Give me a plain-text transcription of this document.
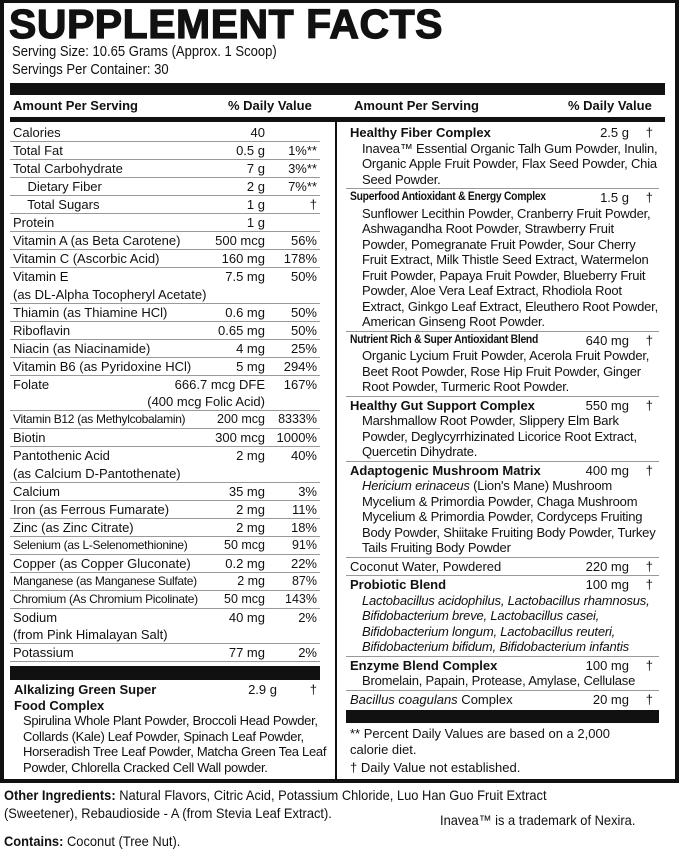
SUPPLEMENT FACTS
Serving Size: 10.65 Grams (Approx. 1 Scoop)
Servings Per Container: 30
Amount Per Serving	% Daily Value	Amount Per Serving	% Daily Value
Calories	40
Total Fat	0.5 g 1%**
Total Carbohydrate	7 g 3%**
Dietary Fiber	2 g 7%**
Total Sugars	1 g	†
Protein	1 g
Vitamin A (as Beta Carotene)	500 mcg 56%
Vitamin C (Ascorbic Acid)	160 mg 178%
Vitamin E
(as DL-Alpha Tocopheryl Acetate)
7.5 mg 50%
Thiamin (as Thiamine HCl)	0.6 mg 50%
Riboflavin	0.65 mg 50%
Niacin (as Niacinamide)	4 mg 25%
Vitamin B6 (as Pyridoxine HCl)	5 mg 294%
Folate	666.7 mcg DFE
(400 mcg Folic Acid)
167%
Vitamin B12 (as Methylcobalamin)	200 mcg 8333%
Biotin	300 mcg 1000%
Pantothenic Acid
(as Calcium D-Pantothenate)
2 mg 40%
Calcium	35 mg	3%
Iron (as Ferrous Fumarate)	2 mg 11%
Zinc (as Zinc Citrate)	2 mg 18%
Selenium (as L-Selenomethionine)	50 mcg 91%
Copper (as Copper Gluconate)	0.2 mg 22%
Manganese (as Manganese Sulfate)	2 mg 87%
Chromium (As Chromium Picolinate) 50 mcg 143%
Sodium
(from Pink Himalayan Salt)
40 mg	2%
Potassium	77 mg	2%
Alkalizing Green Super Food Complex
2.9 g	†
Spirulina Whole Plant Powder, Broccoli Head Powder, Collards (Kale) Leaf Powder, Spinach Leaf Powder, Horseradish Tree Leaf Powder, Matcha Green Tea Leaf Powder, Chlorella Cracked Cell Wall powder.
Healthy Fiber Complex	2.5 g †
Inavea™ Essential Organic Talh Gum Powder, Inulin, Organic Apple Fruit Powder, Flax Seed Powder, Chia Seed Powder.
Superfood Antioxidant & Energy Complex	1.5 g †
Sunflower Lecithin Powder, Cranberry Fruit Powder, Ashwagandha Root Powder, Strawberry Fruit Powder, Pomegranate Fruit Powder, Sour Cherry Fruit Extract, Milk Thistle Seed Extract, Watermelon Fruit Powder, Papaya Fruit Powder, Blueberry Fruit Powder, Aloe Vera Leaf Extract, Rhodiola Root Extract, Ginkgo Leaf Extract, Eleuthero Root Powder, American Ginseng Root Powder.
Nutrient Rich & Super Antioxidant Blend	640 mg †
Organic Lycium Fruit Powder, Acerola Fruit Powder, Beet Root Powder, Rose Hip Fruit Powder, Ginger Root Powder, Turmeric Root Powder.
Healthy Gut Support Complex	550 mg †
Marshmallow Root Powder, Slippery Elm Bark Powder, Deglycyrrhizinated Licorice Root Extract, Quercetin Dihydrate.
Adaptogenic Mushroom Matrix	400 mg †
Hericium erinaceus (Lion's Mane) Mushroom Mycelium & Primordia Powder, Chaga Mushroom Mycelium & Primordia Powder, Cordyceps Fruiting Body Powder, Shiitake Fruiting Body Powder, Turkey Tails Fruiting Body Powder
Coconut Water, Powdered	220 mg †
Probiotic Blend	100 mg †
Lactobacillus acidophilus, Lactobacillus rhamnosus, Bifidobacterium breve, Lactobacillus casei, Bifidobacterium longum, Lactobacillus reuteri, Bifidobacterium bifidum, Bifidobacterium infantis
Enzyme Blend Complex	100 mg †
Bromelain, Papain, Protease, Amylase, Cellulase
Bacillus coagulans Complex	20 mg †
** Percent Daily Values are based on a 2,000 calorie diet.
† Daily Value not established.
Other Ingredients: Natural Flavors, Citric Acid, Potassium Chloride, Luo Han Guo Fruit Extract
(Sweetener), Rebaudioside - A (from Stevia Leaf Extract).	Inavea™ is a trademark of Nexira.
Contains: Coconut (Tree Nut).
